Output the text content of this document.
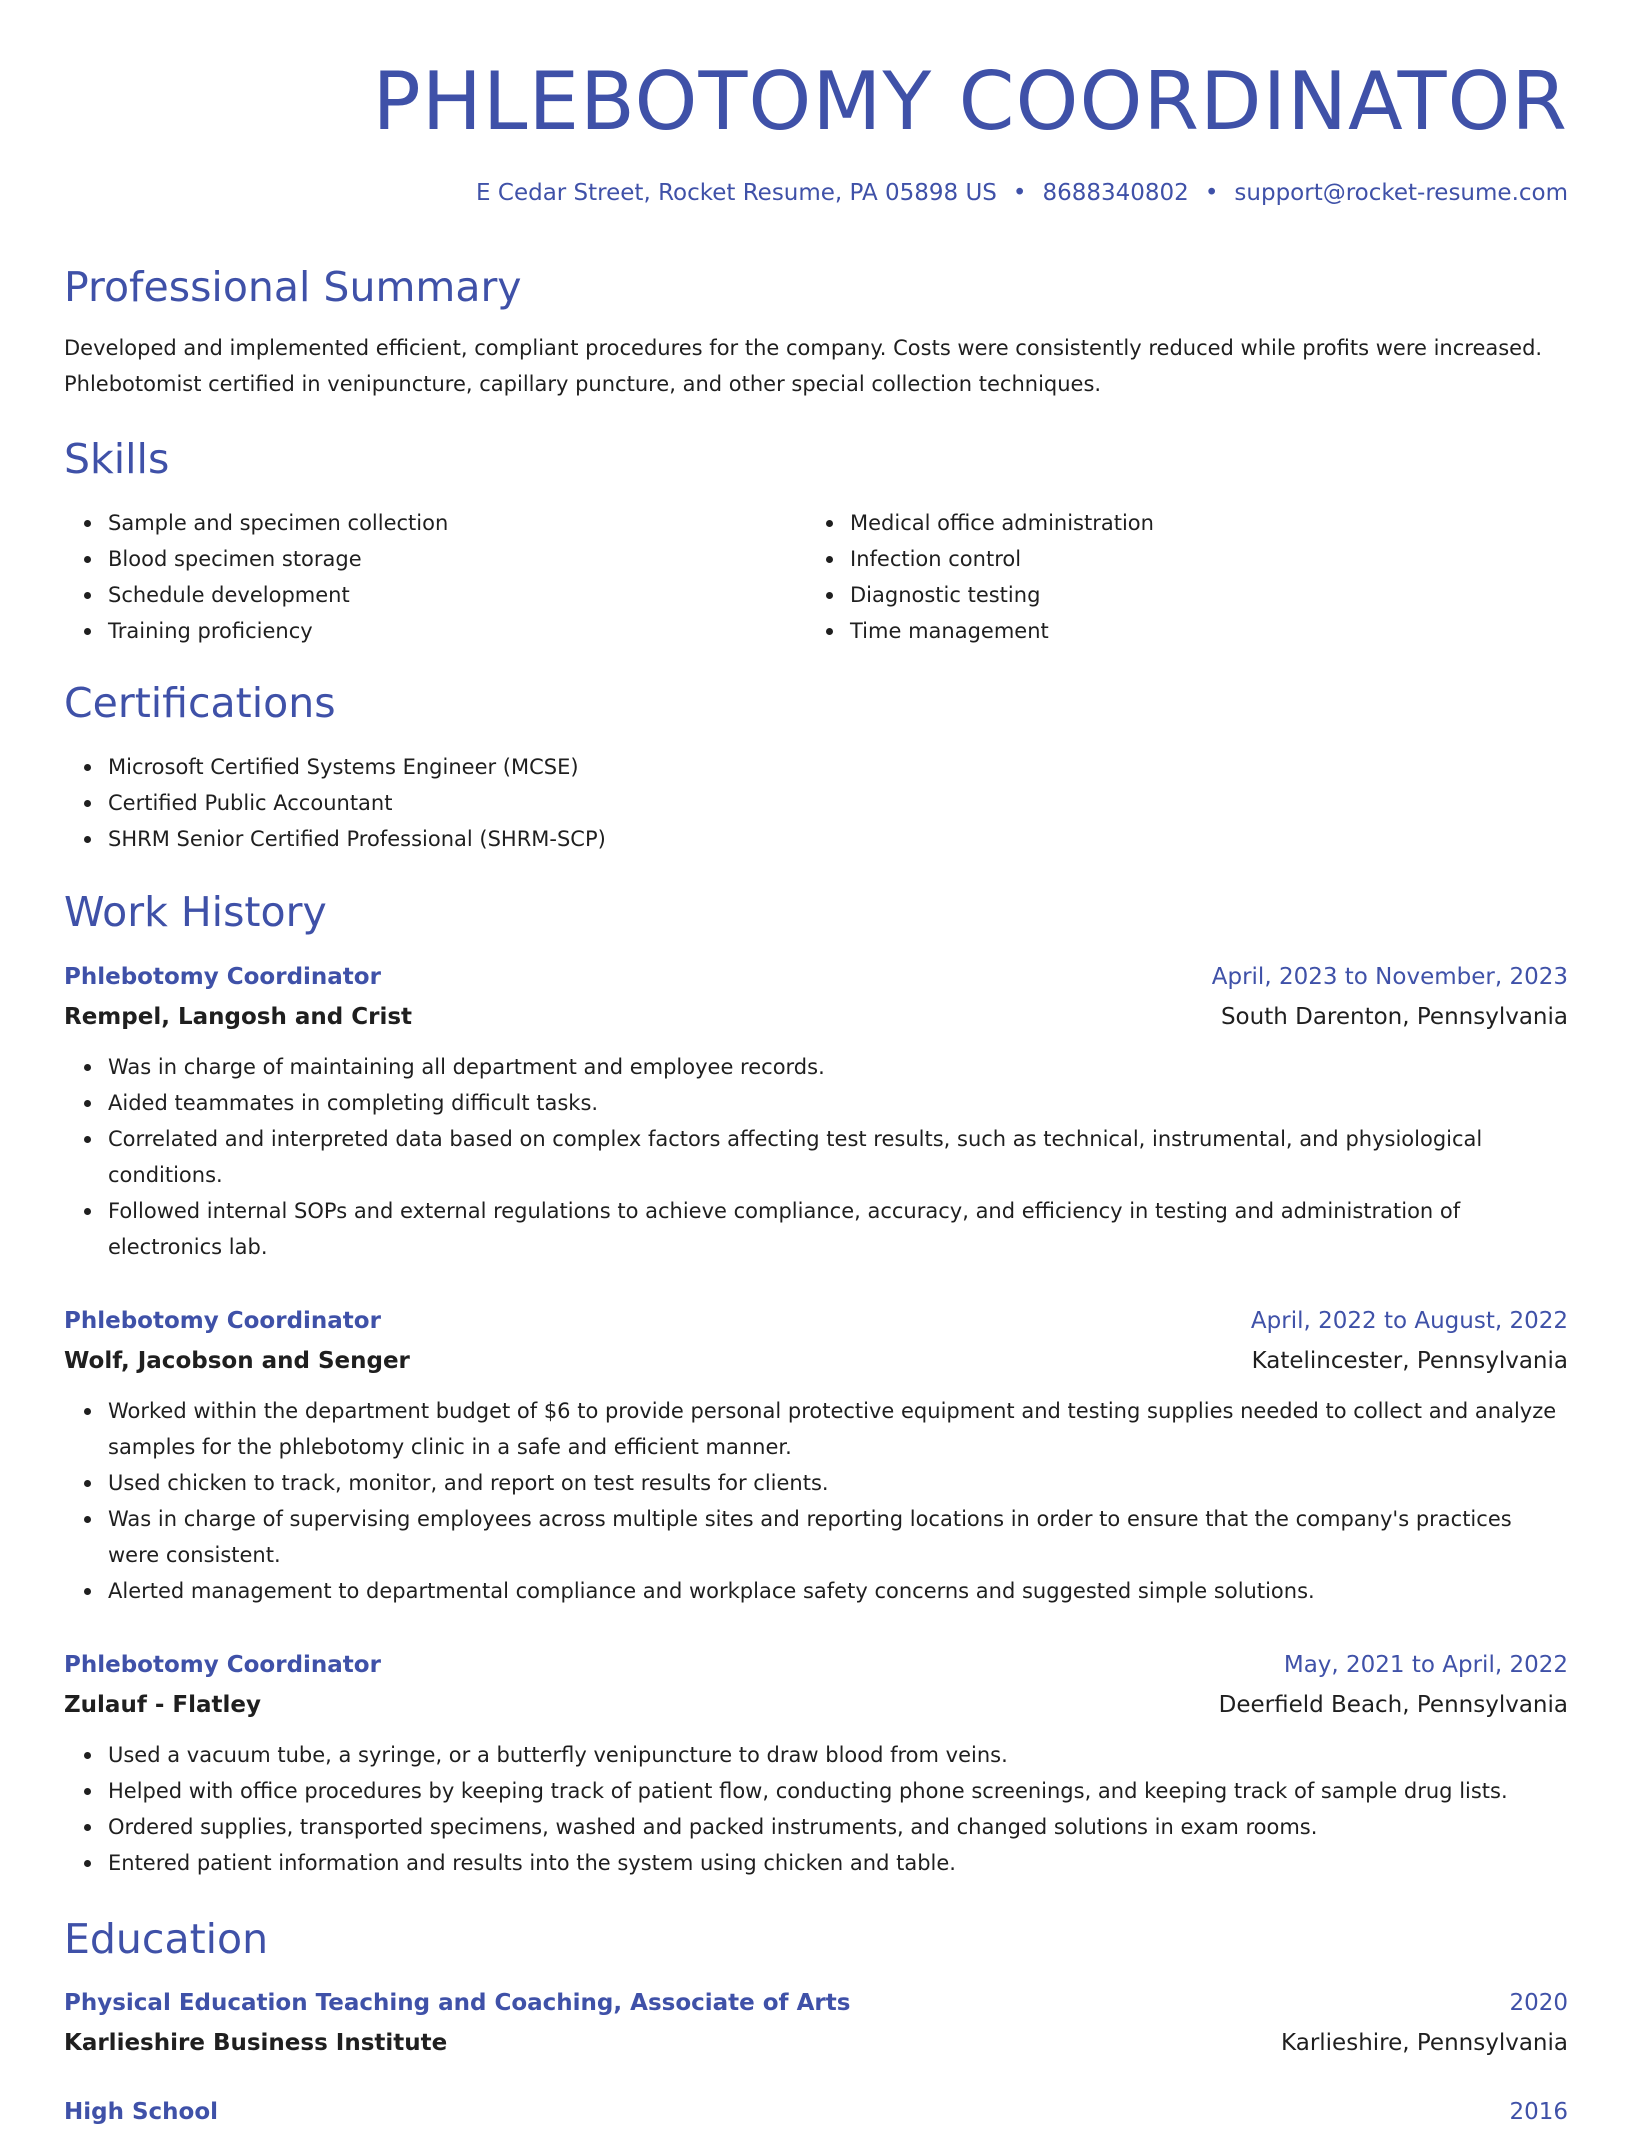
PHLEBOTOMY COORDINATOR
E Cedar Street, Rocket Resume, PA 05898 US • 8688340802 • support@rocket-resume.com
Professional Summary
Developed and implemented efficient, compliant procedures for the company. Costs were consistently reduced while profits were increased. Phlebotomist certified in venipuncture, capillary puncture, and other special collection techniques.
Skills
Sample and specimen collection
Blood specimen storage
Schedule development
Training proficiency
Medical office administration
Infection control
Diagnostic testing
Time management
Certifications
Microsoft Certified Systems Engineer (MCSE)
Certified Public Accountant
SHRM Senior Certified Professional (SHRM-SCP)
Work History
Phlebotomy Coordinator	April, 2023 to November, 2023
Rempel, Langosh and Crist	South Darenton, Pennsylvania
Was in charge of maintaining all department and employee records.
Aided teammates in completing difficult tasks.
Correlated and interpreted data based on complex factors affecting test results, such as technical, instrumental, and physiological conditions.
Followed internal SOPs and external regulations to achieve compliance, accuracy, and efficiency in testing and administration of electronics lab.
Phlebotomy Coordinator	April, 2022 to August, 2022
Wolf, Jacobson and Senger	Katelincester, Pennsylvania
Worked within the department budget of $6 to provide personal protective equipment and testing supplies needed to collect and analyze samples for the phlebotomy clinic in a safe and efficient manner.
Used chicken to track, monitor, and report on test results for clients.
Was in charge of supervising employees across multiple sites and reporting locations in order to ensure that the company's practices were consistent.
Alerted management to departmental compliance and workplace safety concerns and suggested simple solutions.
Phlebotomy Coordinator	May, 2021 to April, 2022
Zulauf - Flatley	Deerfield Beach, Pennsylvania
Used a vacuum tube, a syringe, or a butterfly venipuncture to draw blood from veins.
Helped with office procedures by keeping track of patient flow, conducting phone screenings, and keeping track of sample drug lists.
Ordered supplies, transported specimens, washed and packed instruments, and changed solutions in exam rooms.
Entered patient information and results into the system using chicken and table.
Education
Physical Education Teaching and Coaching, Associate of Arts	2020
Karlieshire Business Institute	Karlieshire, Pennsylvania
High School	2016
